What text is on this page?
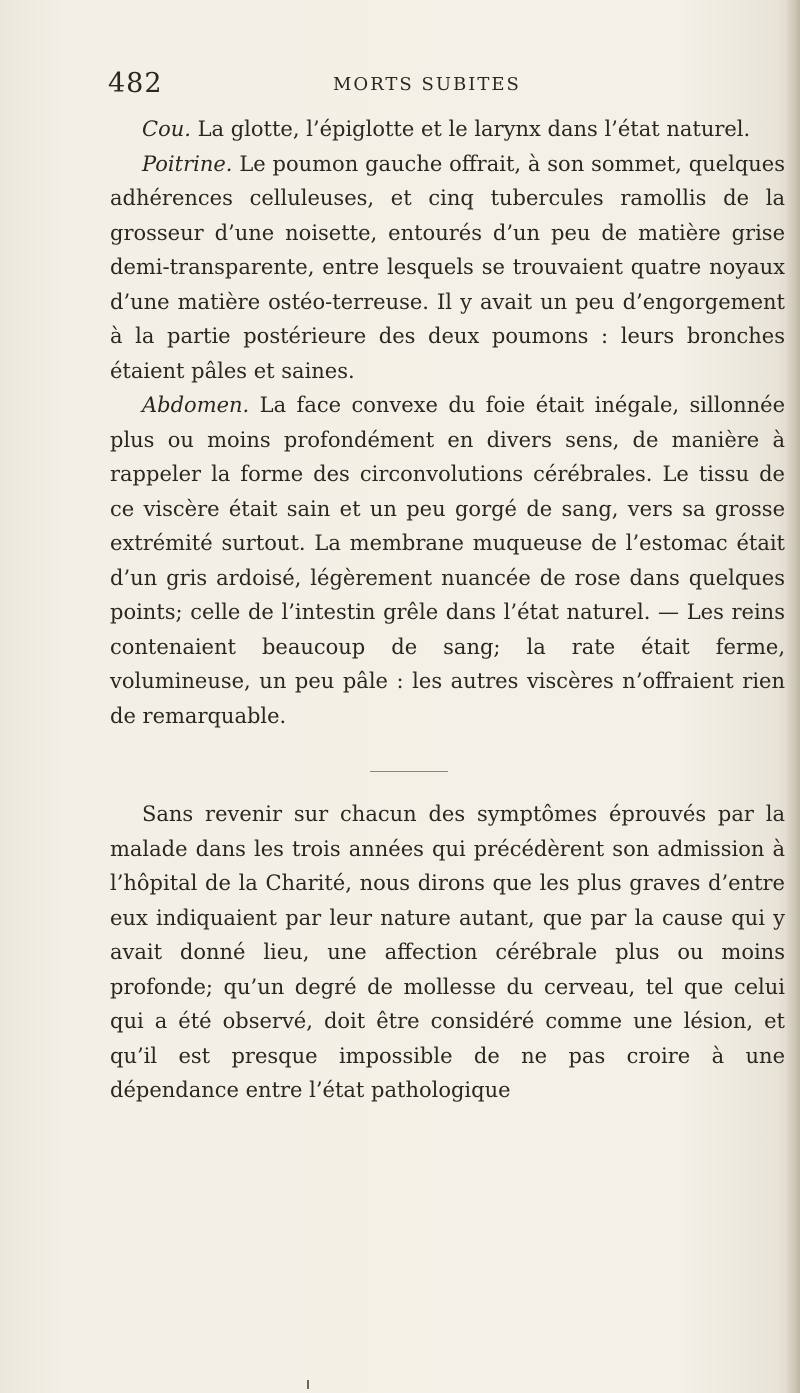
482	MORTS SUBITES

Cou. La glotte, l’épiglotte et le larynx dans l’état naturel.

Poitrine. Le poumon gauche offrait, à son sommet, quelques adhérences celluleuses, et cinq tubercules ramollis de la grosseur d’une noisette, entourés d’un peu de matière grise demi-transparente, entre lesquels se trouvaient quatre noyaux d’une matière ostéo-terreuse. Il y avait un peu d’engorgement à la partie postérieure des deux poumons : leurs bronches étaient pâles et saines.

Abdomen. La face convexe du foie était inégale, sillonnée plus ou moins profondément en divers sens, de manière à rappeler la forme des circonvolutions cérébrales. Le tissu de ce viscère était sain et un peu gorgé de sang, vers sa grosse extrémité surtout. La membrane muqueuse de l’estomac était d’un gris ardoisé, légèrement nuancée de rose dans quelques points; celle de l’intestin grêle dans l’état naturel. — Les reins contenaient beaucoup de sang; la rate était ferme, volumineuse, un peu pâle : les autres viscères n’offraient rien de remarquable.

Sans revenir sur chacun des symptômes éprouvés par la malade dans les trois années qui précédèrent son admission à l’hôpital de la Charité, nous dirons que les plus graves d’entre eux indiquaient par leur nature autant, que par la cause qui y avait donné lieu, une affection cérébrale plus ou moins profonde; qu’un degré de mollesse du cerveau, tel que celui qui a été observé, doit être considéré comme une lésion, et qu’il est presque impossible de ne pas croire à une dépendance entre l’état pathologique
